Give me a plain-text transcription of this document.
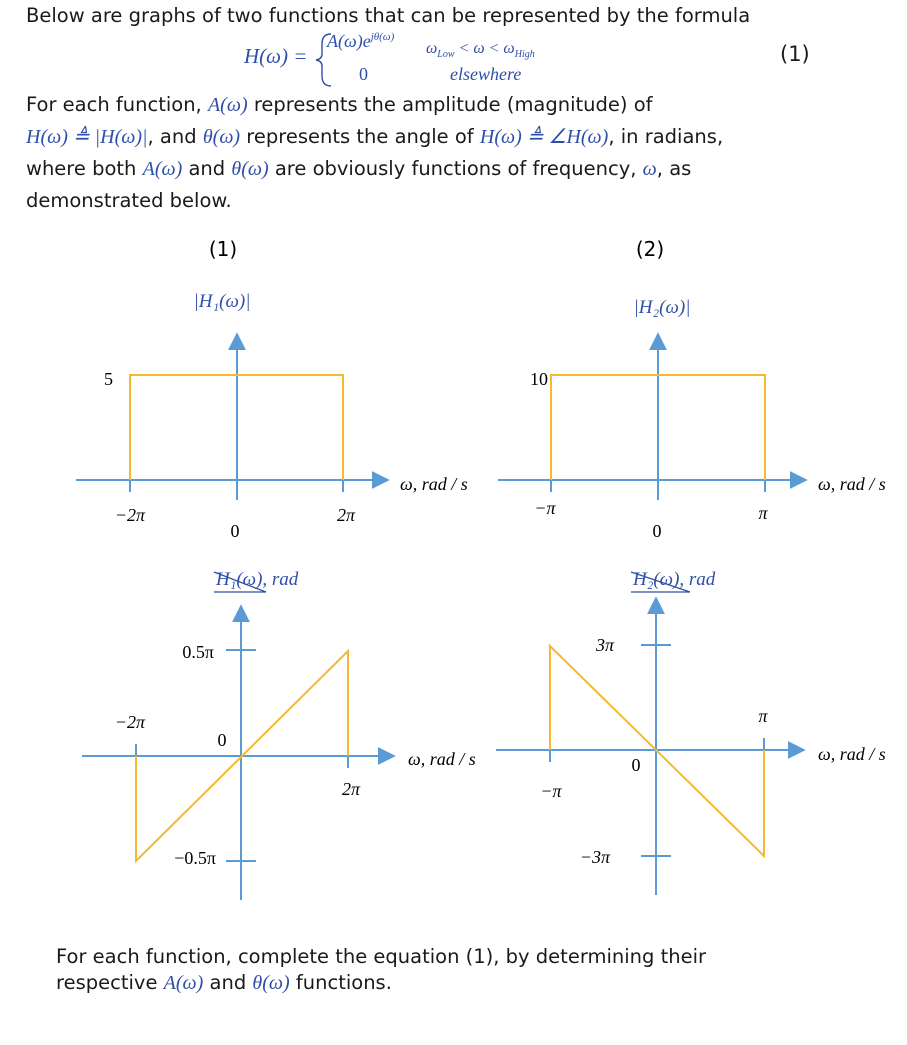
Below are graphs of two functions that can be represented by the formula

H(ω) =
$A(\omega)e^{j\theta(\omega)}$
$\omega_{Low} < \omega < \omega_{High}$
0	elsewhere
(1)

For each function, A(ω) represents the amplitude (magnitude) of
H(ω) ≜ |H(ω)|, and θ(ω) represents the angle of H(ω) ≜ ∠H(ω), in radians,
where both A(ω) and θ(ω) are obviously functions of frequency, ω, as
demonstrated below.

(1)	(2)
|H₁(ω)|
5
−2π
0
2π
ω, rad / s
|H₂(ω)|
10
−π
0
π
ω, rad / s
H₁(ω), rad
0.5π
−0.5π
−2π
0
2π
ω, rad / s
H₂(ω), rad
3π
−3π
−π
0
π
ω, rad / s

For each function, complete the equation (1), by determining their
respective A(ω) and θ(ω) functions.
